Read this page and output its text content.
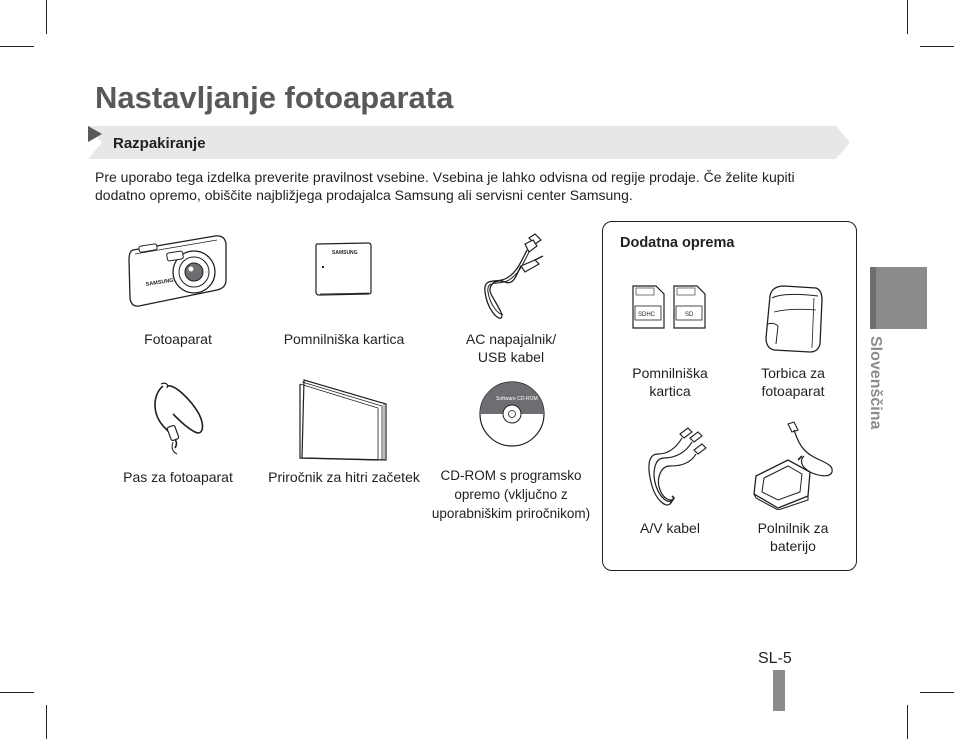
Nastavljanje fotoaparata
Razpakiranje
Pre uporabo tega izdelka preverite pravilnost vsebine. Vsebina je lahko odvisna od regije prodaje. Če želite kupiti dodatno opremo, obiščite najbližjega prodajalca Samsung ali servisni center Samsung.
SAMSUNG
Fotoaparat
SAMSUNG
Pomnilniška kartica	AC napajalnik/
USB kabel
Pas za fotoaparat	Priročnik za hitri začetek
Software CD-ROM
CD-ROM s programsko
opremo (vključno z
uporabniškim priročnikom)
Dodatna oprema
SDHC	SD
Pomnilniška
kartica
Torbica za
fotoaparat
A/V kabel	Polnilnik za
baterijo
Slovenščina
SL-5
